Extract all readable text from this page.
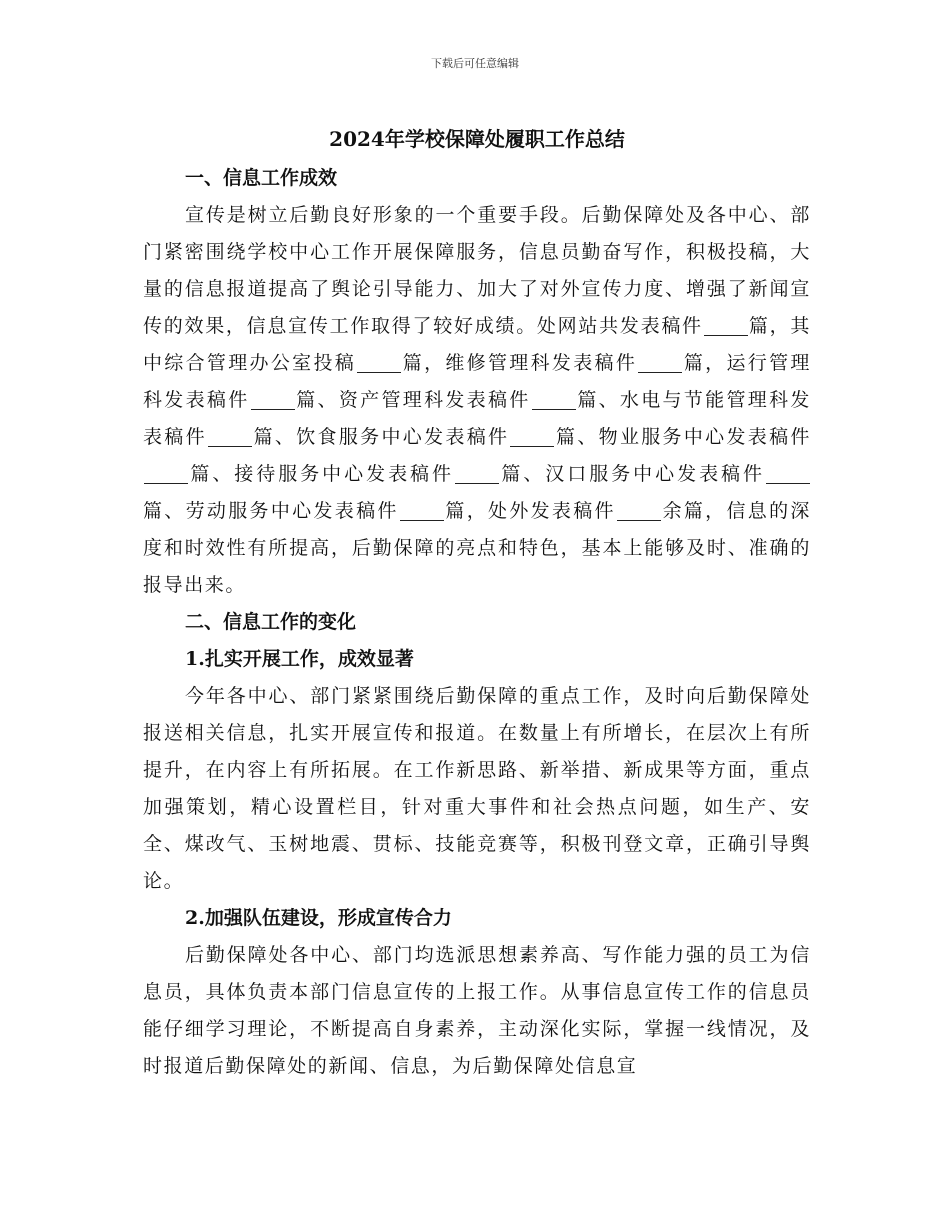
下载后可任意编辑
2024年学校保障处履职工作总结
一、信息工作成效

宣传是树立后勤良好形象的一个重要手段。后勤保障处及各中心、部门紧密围绕学校中心工作开展保障服务，信息员勤奋写作，积极投稿，大量的信息报道提高了舆论引导能力、加大了对外宣传力度、增强了新闻宣传的效果，信息宣传工作取得了较好成绩。处网站共发表稿件 篇，其中综合管理办公室投稿 篇，维修管理科发表稿件 篇，运行管理科发表稿件 篇、资产管理科发表稿件 篇、水电与节能管理科发表稿件 篇、饮食服务中心发表稿件 篇、物业服务中心发表稿件篇、接待服务中心发表稿件 篇、汉口服务中心发表稿件篇、劳动服务中心发表稿件 篇，处外发表稿件 余篇，信息的深度和时效性有所提高，后勤保障的亮点和特色，基本上能够及时、准确的报导出来。

二、信息工作的变化
1.扎实开展工作，成效显著

今年各中心、部门紧紧围绕后勤保障的重点工作，及时向后勤保障处报送相关信息，扎实开展宣传和报道。在数量上有所增长，在层次上有所提升，在内容上有所拓展。在工作新思路、新举措、新成果等方面，重点加强策划，精心设置栏目，针对重大事件和社会热点问题，如生产、安全、煤改气、玉树地震、贯标、技能竞赛等，积极刊登文章，正确引导舆论。

2.加强队伍建设，形成宣传合力

后勤保障处各中心、部门均选派思想素养高、写作能力强的员工为信息员，具体负责本部门信息宣传的上报工作。从事信息宣传工作的信息员能仔细学习理论，不断提高自身素养，主动深化实际，掌握一线情况，及时报道后勤保障处的新闻、信息，为后勤保障处信息宣
